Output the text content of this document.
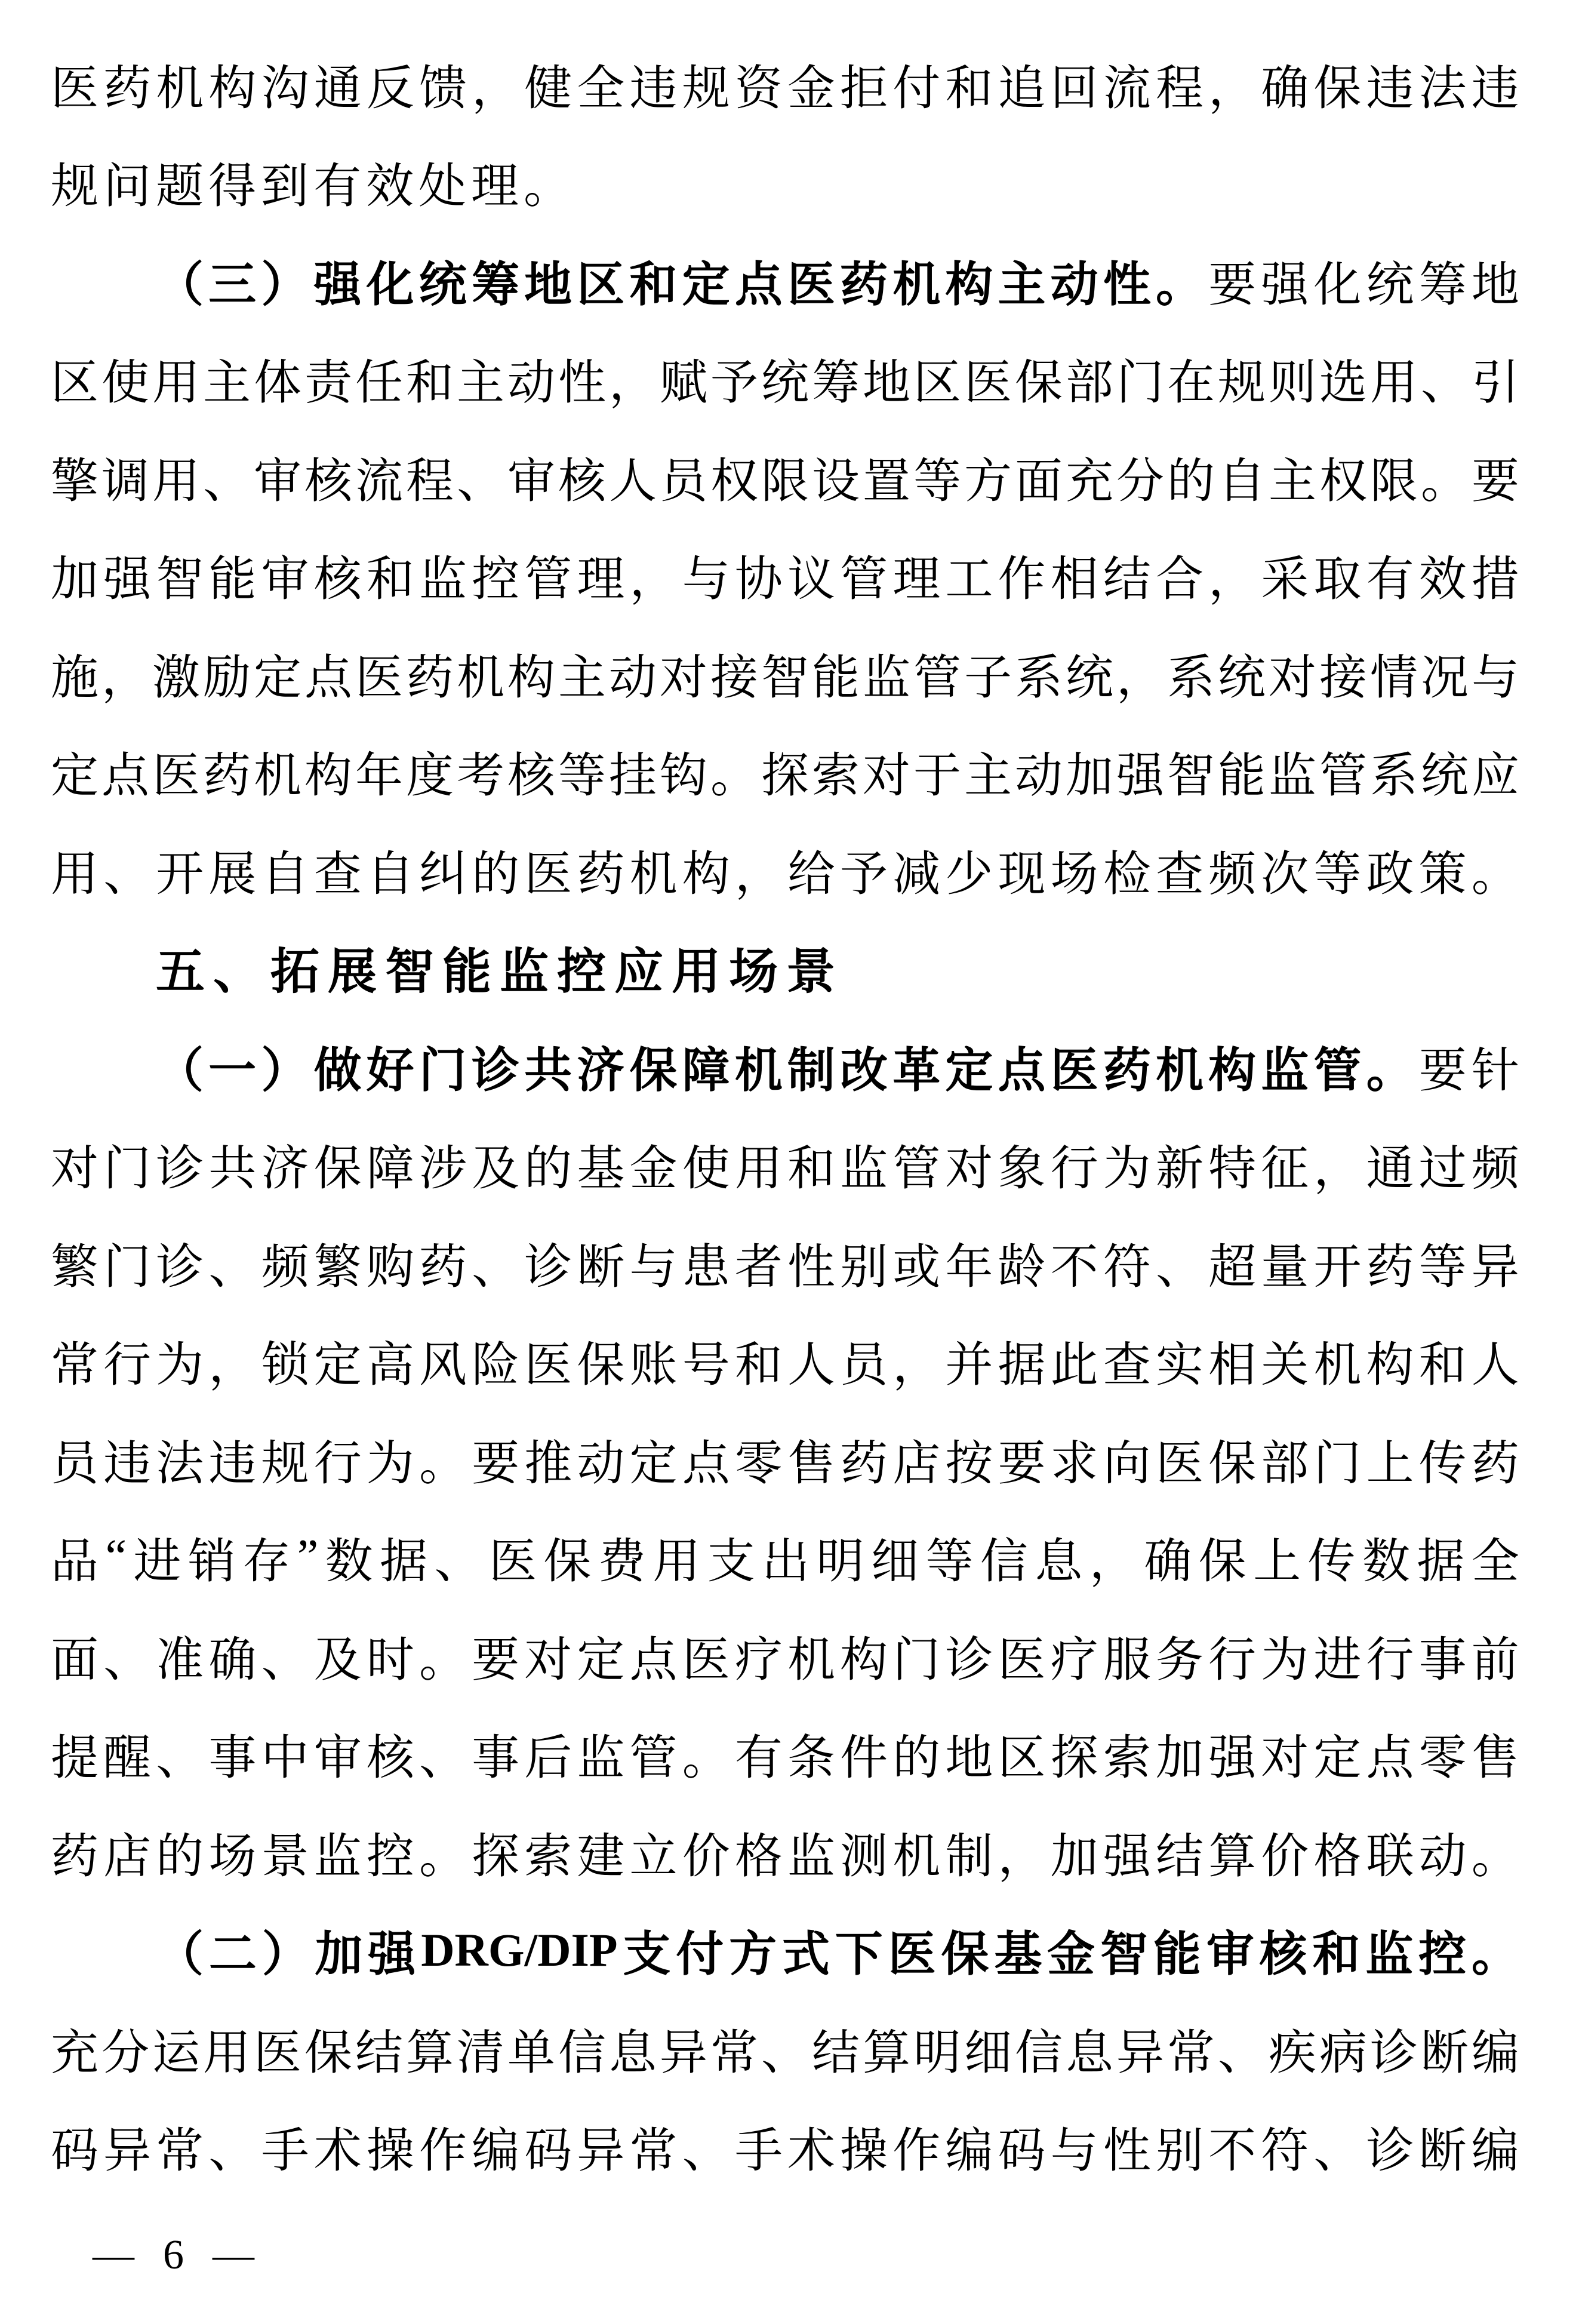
医 药 机 构 沟 通 反 馈 ， 健 全 违 规 资 金 拒 付 和 追 回 流 程 ， 确 保 违 法 违
规 问 题 得 到 有 效 处 理 。
（ 三 ） 强 化 统 筹 地 区 和 定 点 医 药 机 构 主 动 性 。 要 强 化 统 筹 地
区 使 用 主 体 责 任 和 主 动 性 ， 赋 予 统 筹 地 区 医 保 部 门 在 规 则 选 用 、 引
擎 调 用 、 审 核 流 程 、 审 核 人 员 权 限 设 置 等 方 面 充 分 的 自 主 权 限 。 要
加 强 智 能 审 核 和 监 控 管 理 ， 与 协 议 管 理 工 作 相 结 合 ， 采 取 有 效 措
施 ， 激 励 定 点 医 药 机 构 主 动 对 接 智 能 监 管 子 系 统 ， 系 统 对 接 情 况 与
定 点 医 药 机 构 年 度 考 核 等 挂 钩 。 探 索 对 于 主 动 加 强 智 能 监 管 系 统 应
用 、 开 展 自 查 自 纠 的 医 药 机 构 ， 给 予 减 少 现 场 检 查 频 次 等 政 策 。
五 、 拓 展 智 能 监 控 应 用 场 景
（ 一 ） 做 好 门 诊 共 济 保 障 机 制 改 革 定 点 医 药 机 构 监 管 。 要 针
对 门 诊 共 济 保 障 涉 及 的 基 金 使 用 和 监 管 对 象 行 为 新 特 征 ， 通 过 频
繁 门 诊 、 频 繁 购 药 、 诊 断 与 患 者 性 别 或 年 龄 不 符 、 超 量 开 药 等 异
常 行 为 ， 锁 定 高 风 险 医 保 账 号 和 人 员 ， 并 据 此 查 实 相 关 机 构 和 人
员 违 法 违 规 行 为 。 要 推 动 定 点 零 售 药 店 按 要 求 向 医 保 部 门 上 传 药
品 “ 进 销 存 ” 数 据 、 医 保 费 用 支 出 明 细 等 信 息 ， 确 保 上 传 数 据 全
面 、 准 确 、 及 时 。 要 对 定 点 医 疗 机 构 门 诊 医 疗 服 务 行 为 进 行 事 前
提 醒 、 事 中 审 核 、 事 后 监 管 。 有 条 件 的 地 区 探 索 加 强 对 定 点 零 售
药 店 的 场 景 监 控 。 探 索 建 立 价 格 监 测 机 制 ， 加 强 结 算 价 格 联 动 。
（ 二 ） 加 强 DRG/DIP 支 付 方 式 下 医 保 基 金 智 能 审 核 和 监 控 。
充 分 运 用 医 保 结 算 清 单 信 息 异 常 、 结 算 明 细 信 息 异 常 、 疾 病 诊 断 编
码 异 常 、 手 术 操 作 编 码 异 常 、 手 术 操 作 编 码 与 性 别 不 符 、 诊 断 编
— 6 —
